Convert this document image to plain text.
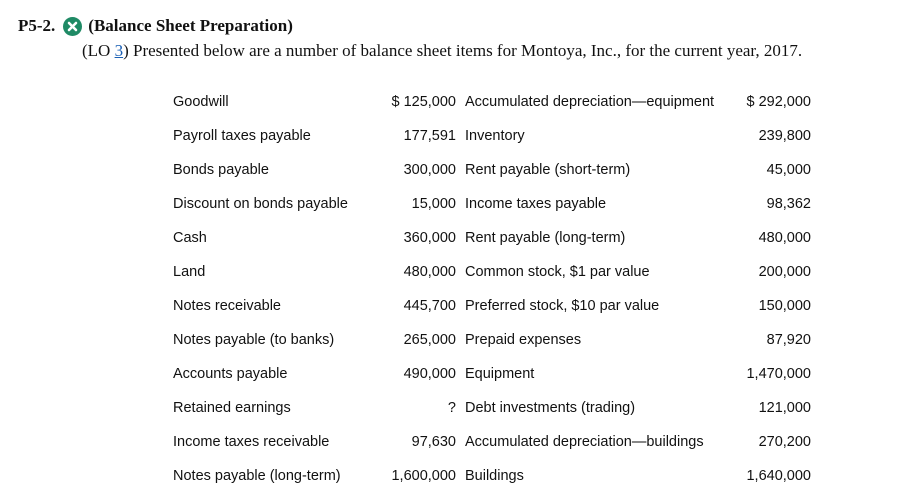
P5-2. (Balance Sheet Preparation)
(LO 3 ) Presented below are a number of balance sheet items for Montoya, Inc., for the current year, 2017.
Goodwill	$ 125,000	Accumulated depreciation—equipment	$ 292,000
Payroll taxes payable	177,591	Inventory	239,800
Bonds payable	300,000	Rent payable (short-term)	45,000
Discount on bonds payable	15,000	Income taxes payable	98,362
Cash	360,000	Rent payable (long-term)	480,000
Land	480,000	Common stock, $1 par value	200,000
Notes receivable	445,700	Preferred stock, $10 par value	150,000
Notes payable (to banks)	265,000	Prepaid expenses	87,920
Accounts payable	490,000	Equipment	1,470,000
Retained earnings	?	Debt investments (trading)	121,000
Income taxes receivable	97,630	Accumulated depreciation—buildings	270,200
Notes payable (long-term)	1,600,000	Buildings	1,640,000
